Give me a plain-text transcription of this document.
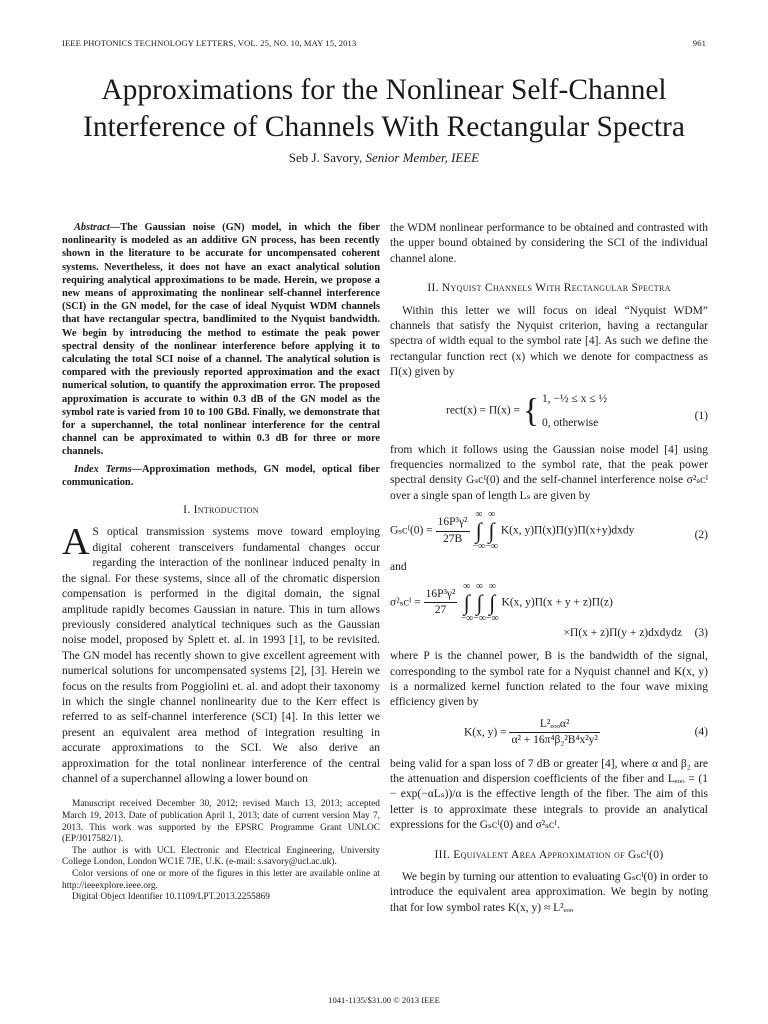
IEEE PHOTONICS TECHNOLOGY LETTERS, VOL. 25, NO. 10, MAY 15, 2013	961
Approximations for the Nonlinear Self-Channel Interference of Channels With Rectangular Spectra
Seb J. Savory, Senior Member, IEEE

Abstract—The Gaussian noise (GN) model, in which the fiber nonlinearity is modeled as an additive GN process, has been recently shown in the literature to be accurate for uncompensated coherent systems. Nevertheless, it does not have an exact analytical solution requiring analytical approximations to be made. Herein, we propose a new means of approximating the nonlinear self-channel interference (SCI) in the GN model, for the case of ideal Nyquist WDM channels that have rectangular spectra, bandlimited to the Nyquist bandwidth. We begin by introducing the method to estimate the peak power spectral density of the nonlinear interference before applying it to calculating the total SCI noise of a channel. The analytical solution is compared with the previously reported approximation and the exact numerical solution, to quantify the approximation error. The proposed approximation is accurate to within 0.3 dB of the GN model as the symbol rate is varied from 10 to 100 GBd. Finally, we demonstrate that for a superchannel, the total nonlinear interference for the central channel can be approximated to within 0.3 dB for three or more channels.

Index Terms—Approximation methods, GN model, optical fiber communication.

I. Introduction

A S optical transmission systems move toward employing digital coherent transceivers fundamental changes occur regarding the interaction of the nonlinear induced penalty in the signal. For these systems, since all of the chromatic dispersion compensation is performed in the digital domain, the signal amplitude rapidly becomes Gaussian in nature. This in turn allows previously considered analytical techniques such as the Gaussian noise model, proposed by Splett et. al. in 1993 [1], to be revisited. The GN model has recently shown to give excellent agreement with numerical solutions for uncompensated systems [2], [3]. Herein we focus on the results from Poggiolini et. al. and adopt their taxonomy in which the single channel nonlinearity due to the Kerr effect is referred to as self-channel interference (SCI) [4]. In this letter we present an equivalent area method of integration resulting in accurate approximations to the SCI. We also derive an approximation for the total nonlinear interference of the central channel of a superchannel allowing a lower bound on

Manuscript received December 30, 2012; revised March 13, 2013; accepted March 19, 2013. Date of publication April 1, 2013; date of current version May 7, 2013. This work was supported by the EPSRC Programme Grant UNLOC (EP/J017582/1).

The author is with UCL Electronic and Electrical Engineering, University College London, London WC1E 7JE, U.K. (e-mail: s.savory@ucl.ac.uk).

Color versions of one or more of the figures in this letter are available online at http://ieeexplore.ieee.org.

Digital Object Identifier 10.1109/LPT.2013.2255869

the WDM nonlinear performance to be obtained and contrasted with the upper bound obtained by considering the SCI of the individual channel alone.

II. Nyquist Channels With Rectangular Spectra

Within this letter we will focus on ideal “Nyquist WDM” channels that satisfy the Nyquist criterion, having a rectangular spectra of width equal to the symbol rate [4]. As such we define the rectangular function rect (x) which we denote for compactness as Π(x) given by

rect(x) = Π(x) = { 1, −½ ≤ x ≤ ½
0, otherwise
(1)

from which it follows using the Gaussian noise model [4] using frequencies normalized to the symbol rate, that the peak power spectral density Gₛᴄᴵ(0) and the self-channel interference noise σ²ₛᴄᴵ over a single span of length Lₛ are given by

Gₛᴄᴵ(0) = $\frac{\text{16P³γ²}}{27B}$

∞
∫
−∞
∞
∫
−∞
K(x, y)Π(x)Π(y)Π(x+y)dxdy	(2)

and

σ²ₛᴄᴵ = $\frac{\text{16P³γ²}}{27}$

∞
∫
−∞
∞
∫
−∞
∞
∫
−∞
K(x, y)Π(x + y + z)Π(z)
×Π(x + z)Π(y + z)dxdydz	(3)

where P is the channel power, B is the bandwidth of the signal, corresponding to the symbol rate for a Nyquist channel and K(x, y) is a normalized kernel function related to the four wave mixing efficiency given by

K(x, $y) = \frac{\text{L²ₑₒₒα²}}{\text{α² + 16π⁴β₂²B⁴x²y²}}$	(4)

being valid for a span loss of 7 dB or greater [4], where α and β₂ are the attenuation and dispersion coefficients of the fiber and Lₑₒₒ = (1 − exp(−αLₛ))/α is the effective length of the fiber. The aim of this letter is to approximate these integrals to provide an analytical expressions for the Gₛᴄᴵ(0) and σ²ₛᴄᴵ.

III. Equivalent Area Approximation of Gₛᴄᴵ(0)

We begin by turning our attention to evaluating Gₛᴄᴵ(0) in order to introduce the equivalent area approximation. We begin by noting that for low symbol rates K(x, y) ≈ L²ₑₒₒ

1041-1135/$31.00 © 2013 IEEE
